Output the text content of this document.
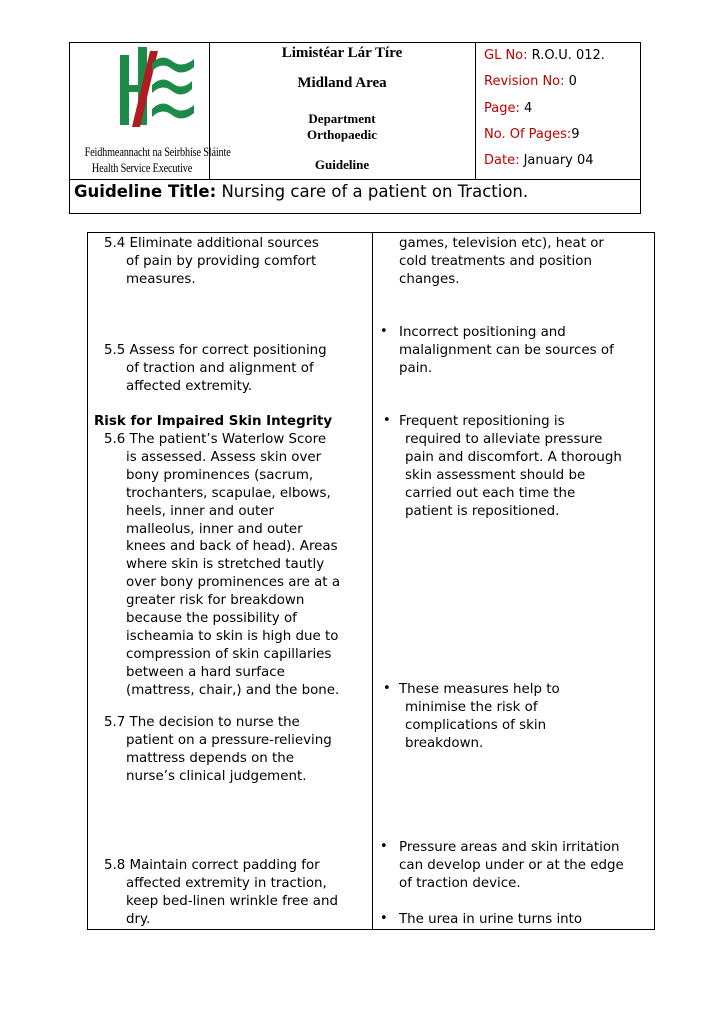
Feidhmeannacht na Seirbhíse Sláinte
Health Service Executive
Limistéar Lár Tíre
Midland Area
Department
Orthopaedic
Guideline
GL No: R.O.U. 012.
Revision No: 0
Page: 4
No. Of Pages:9
Date: January 04
Guideline Title: Nursing care of a patient on Traction.
5.4 Eliminate additional sources
of pain by providing comfort
measures.
5.5 Assess for correct positioning
of traction and alignment of
affected extremity.
Risk for Impaired Skin Integrity
5.6 The patient’s Waterlow Score
is assessed. Assess skin over
bony prominences (sacrum,
trochanters, scapulae, elbows,
heels, inner and outer
malleolus, inner and outer
knees and back of head). Areas
where skin is stretched tautly
over bony prominences are at a
greater risk for breakdown
because the possibility of
ischeamia to skin is high due to
compression of skin capillaries
between a hard surface
(mattress, chair,) and the bone.
5.7 The decision to nurse the
patient on a pressure-relieving
mattress depends on the
nurse’s clinical judgement.
5.8 Maintain correct padding for
affected extremity in traction,
keep bed-linen wrinkle free and
dry.
games, television etc), heat or
cold treatments and position
changes.
• Incorrect positioning and
malalignment can be sources of
pain.
• Frequent repositioning is
required to alleviate pressure
pain and discomfort. A thorough
skin assessment should be
carried out each time the
patient is repositioned.
• These measures help to
minimise the risk of
complications of skin
breakdown.
• Pressure areas and skin irritation
can develop under or at the edge
of traction device.
• The urea in urine turns into
